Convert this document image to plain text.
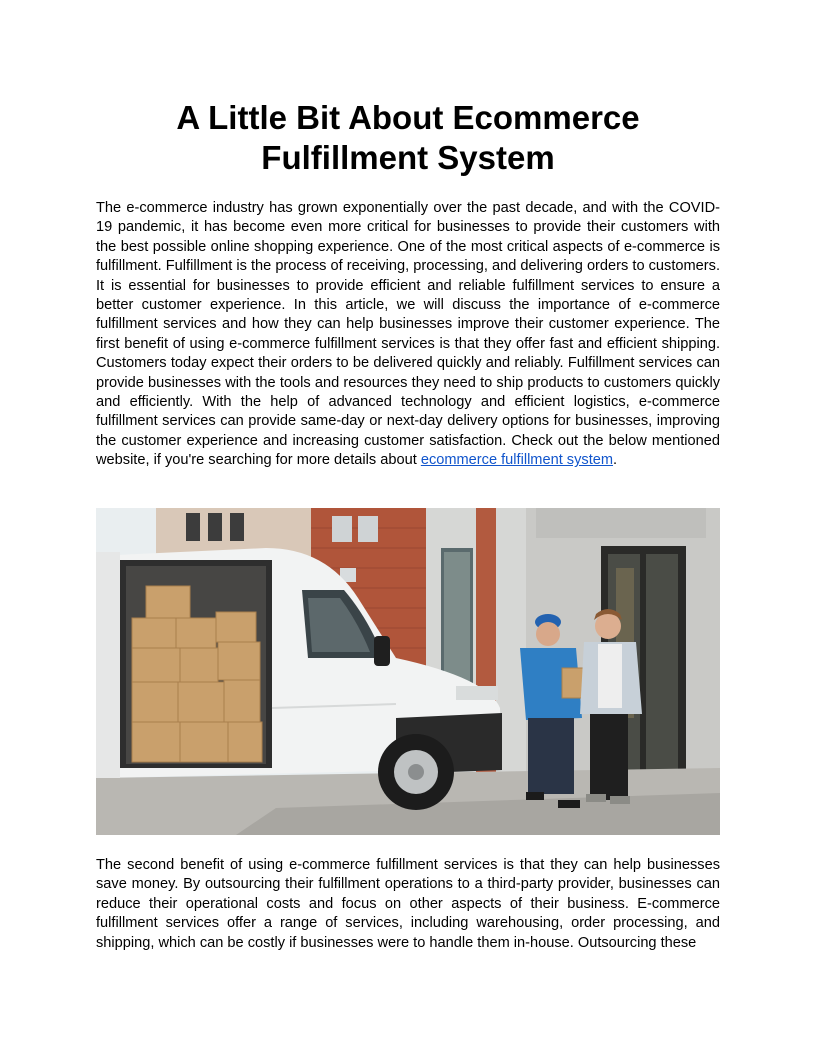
A Little Bit About Ecommerce
Fulfillment System

The e-commerce industry has grown exponentially over the past decade, and with the COVID-19 pandemic, it has become even more critical for businesses to provide their customers with the best possible online shopping experience. One of the most critical aspects of e-commerce is fulfillment. Fulfillment is the process of receiving, processing, and delivering orders to customers. It is essential for businesses to provide efficient and reliable fulfillment services to ensure a better customer experience. In this article, we will discuss the importance of e-commerce fulfillment services and how they can help businesses improve their customer experience. The first benefit of using e-commerce fulfillment services is that they offer fast and efficient shipping. Customers today expect their orders to be delivered quickly and reliably. Fulfillment services can provide businesses with the tools and resources they need to ship products to customers quickly and efficiently. With the help of advanced technology and efficient logistics, e-commerce fulfillment services can provide same-day or next-day delivery options for businesses, improving the customer experience and increasing customer satisfaction. Check out the below mentioned website, if you're searching for more details about ecommerce fulfillment system.

The second benefit of using e-commerce fulfillment services is that they can help businesses save money. By outsourcing their fulfillment operations to a third-party provider, businesses can reduce their operational costs and focus on other aspects of their business. E-commerce fulfillment services offer a range of services, including warehousing, order processing, and shipping, which can be costly if businesses were to handle them in-house. Outsourcing these
